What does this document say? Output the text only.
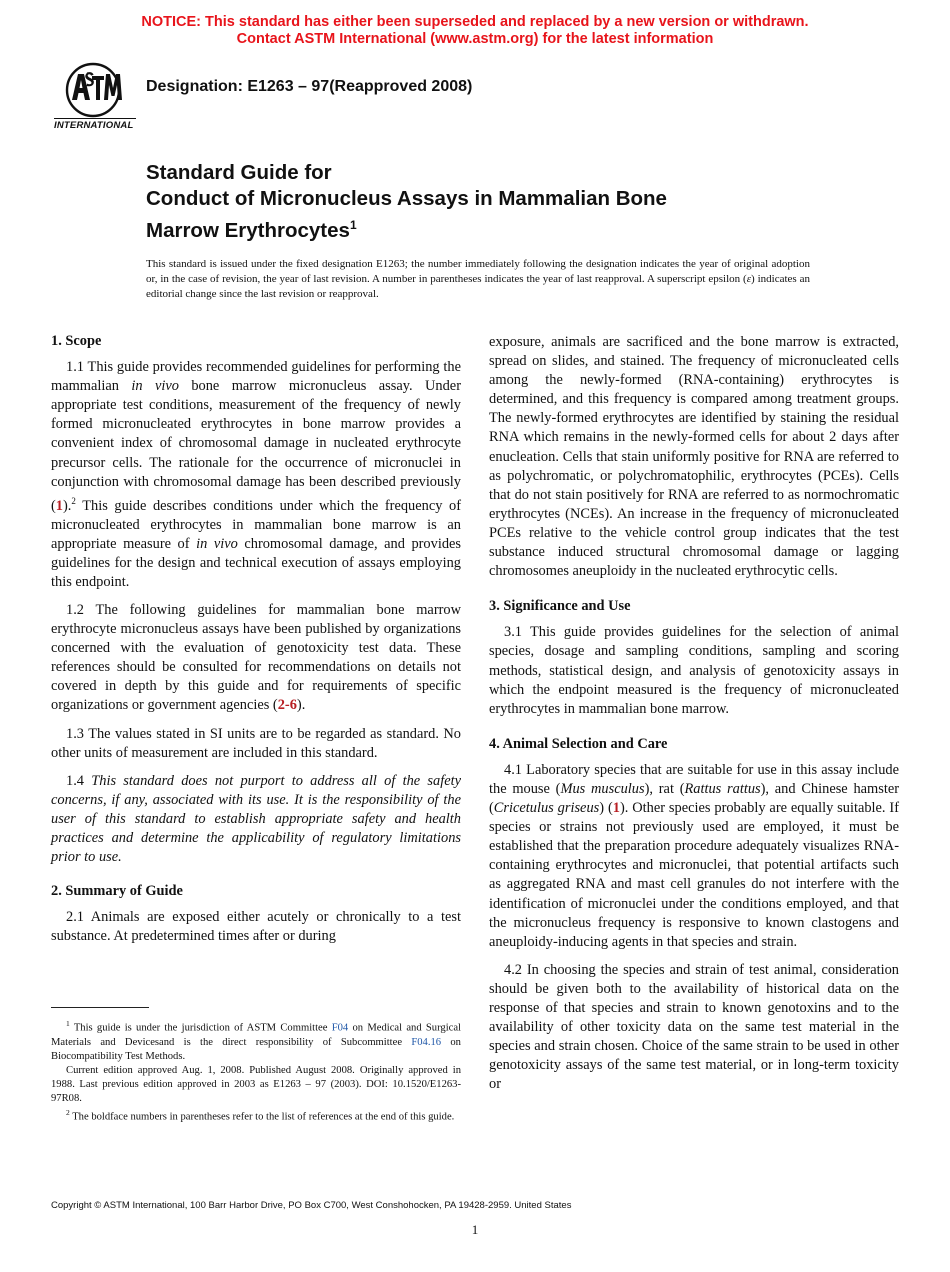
NOTICE: This standard has either been superseded and replaced by a new version or withdrawn.
Contact ASTM International (www.astm.org) for the latest information
INTERNATIONAL
Designation: E1263 – 97(Reapproved 2008)
Standard Guide for
Conduct of Micronucleus Assays in Mammalian Bone
Marrow Erythrocytes$^1$
This standard is issued under the fixed designation E1263; the number immediately following the designation indicates the year of original adoption or, in the case of revision, the year of last revision. A number in parentheses indicates the year of last reapproval. A superscript epsilon (ε) indicates an editorial change since the last revision or reapproval.
1. Scope

1.1 This guide provides recommended guidelines for performing the mammalian in vivo bone marrow micronucleus assay. Under appropriate test conditions, measurement of the frequency of newly formed micronucleated erythrocytes in bone marrow provides a convenient index of chromosomal damage in nucleated erythrocyte precursor cells. The rationale for the occurrence of micronuclei in conjunction with chromosomal damage has been described previously (1).$^2$ This guide describes conditions under which the frequency of micronucleated erythrocytes in mammalian bone marrow is an appropriate measure of in vivo chromosomal damage, and provides guidelines for the design and technical execution of assays employing this endpoint.

1.2 The following guidelines for mammalian bone marrow erythrocyte micronucleus assays have been published by organizations concerned with the evaluation of genotoxicity test data. These references should be consulted for recommendations on details not covered in depth by this guide and for requirements of specific organizations or government agencies (2-6).

1.3 The values stated in SI units are to be regarded as standard. No other units of measurement are included in this standard.

1.4 This standard does not purport to address all of the safety concerns, if any, associated with its use. It is the responsibility of the user of this standard to establish appropriate safety and health practices and determine the applicability of regulatory limitations prior to use.

2. Summary of Guide

2.1 Animals are exposed either acutely or chronically to a test substance. At predetermined times after or during

exposure, animals are sacrificed and the bone marrow is extracted, spread on slides, and stained. The frequency of micronucleated cells among the newly-formed (RNA-containing) erythrocytes is determined, and this frequency is compared among treatment groups. The newly-formed erythrocytes are identified by staining the residual RNA which remains in the newly-formed cells for about 2 days after enucleation. Cells that stain uniformly positive for RNA are referred to as polychromatic, or polychromatophilic, erythrocytes (PCEs). Cells that do not stain positively for RNA are referred to as normochromatic erythrocytes (NCEs). An increase in the frequency of micronucleated PCEs relative to the vehicle control group indicates that the test substance induced structural chromosomal damage or lagging chromosomes aneuploidy in the nucleated erythrocytic cells.

3. Significance and Use

3.1 This guide provides guidelines for the selection of animal species, dosage and sampling conditions, sampling and scoring methods, statistical design, and analysis of genotoxicity assays in which the endpoint measured is the frequency of micronucleated erythrocytes in mammalian bone marrow.

4. Animal Selection and Care

4.1 Laboratory species that are suitable for use in this assay include the mouse (Mus musculus), rat (Rattus rattus), and Chinese hamster (Cricetulus griseus) (1). Other species probably are equally suitable. If species or strains not previously used are employed, it must be established that the preparation procedure adequately visualizes RNA-containing erythrocytes and micronuclei, that potential artifacts such as aggregated RNA and mast cell granules do not interfere with the identification of micronuclei under the conditions employed, and that the micronucleus frequency is responsive to known clastogens and aneuploidy-inducing agents in that species and strain.

4.2 In choosing the species and strain of test animal, consideration should be given both to the availability of historical data on the response of that species and strain to known genotoxins and to the availability of other toxicity data on the same test material in the species and strain chosen. Choice of the same strain to be used in other genotoxicity assays of the same test material, or in long-term toxicity or

$^1$ This guide is under the jurisdiction of ASTM Committee F04 on Medical and Surgical Materials and Devicesand is the direct responsibility of Subcommittee F04.16 on Biocompatibility Test Methods.

Current edition approved Aug. 1, 2008. Published August 2008. Originally approved in 1988. Last previous edition approved in 2003 as E1263 – 97 (2003). DOI: 10.1520/E1263-97R08.

$^2$ The boldface numbers in parentheses refer to the list of references at the end of this guide.

Copyright © ASTM International, 100 Barr Harbor Drive, PO Box C700, West Conshohocken, PA 19428-2959. United States
1
